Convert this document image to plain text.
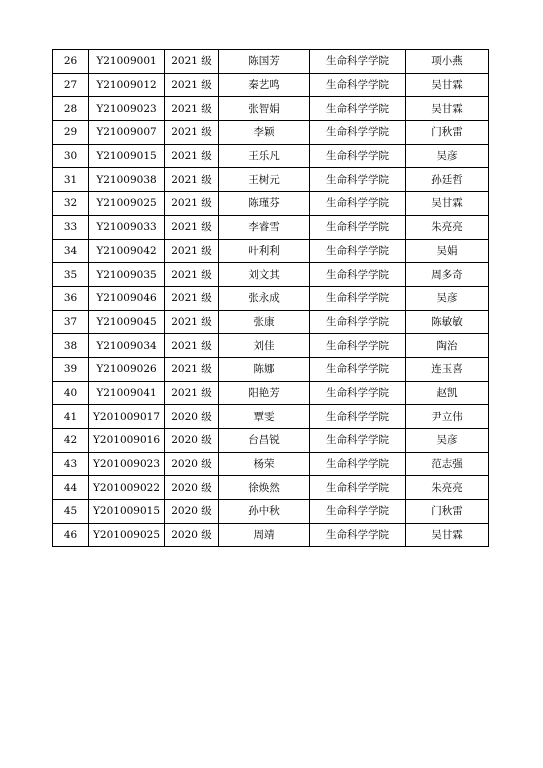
26	Y21009001	2021 级	陈国芳	生命科学学院	项小燕
27	Y21009012	2021 级	秦艺鸣	生命科学学院	吴甘霖
28	Y21009023	2021 级	张智娟	生命科学学院	吴甘霖
29	Y21009007	2021 级	李颖	生命科学学院	门秋雷
30	Y21009015	2021 级	王乐凡	生命科学学院	吴彦
31	Y21009038	2021 级	王树元	生命科学学院	孙廷哲
32	Y21009025	2021 级	陈瑾芬	生命科学学院	吴甘霖
33	Y21009033	2021 级	李睿雪	生命科学学院	朱亮亮
34	Y21009042	2021 级	叶利利	生命科学学院	吴娟
35	Y21009035	2021 级	刘文其	生命科学学院	周多奇
36	Y21009046	2021 级	张永成	生命科学学院	吴彦
37	Y21009045	2021 级	张康	生命科学学院	陈敏敏
38	Y21009034	2021 级	刘佳	生命科学学院	陶治
39	Y21009026	2021 级	陈娜	生命科学学院	连玉喜
40	Y21009041	2021 级	阳艳芳	生命科学学院	赵凯
41	Y201009017	2020 级	覃雯	生命科学学院	尹立伟
42	Y201009016	2020 级	台昌锐	生命科学学院	吴彦
43	Y201009023	2020 级	杨荣	生命科学学院	范志强
44	Y201009022	2020 级	徐焕然	生命科学学院	朱亮亮
45	Y201009015	2020 级	孙中秋	生命科学学院	门秋雷
46	Y201009025	2020 级	周靖	生命科学学院	吴甘霖
